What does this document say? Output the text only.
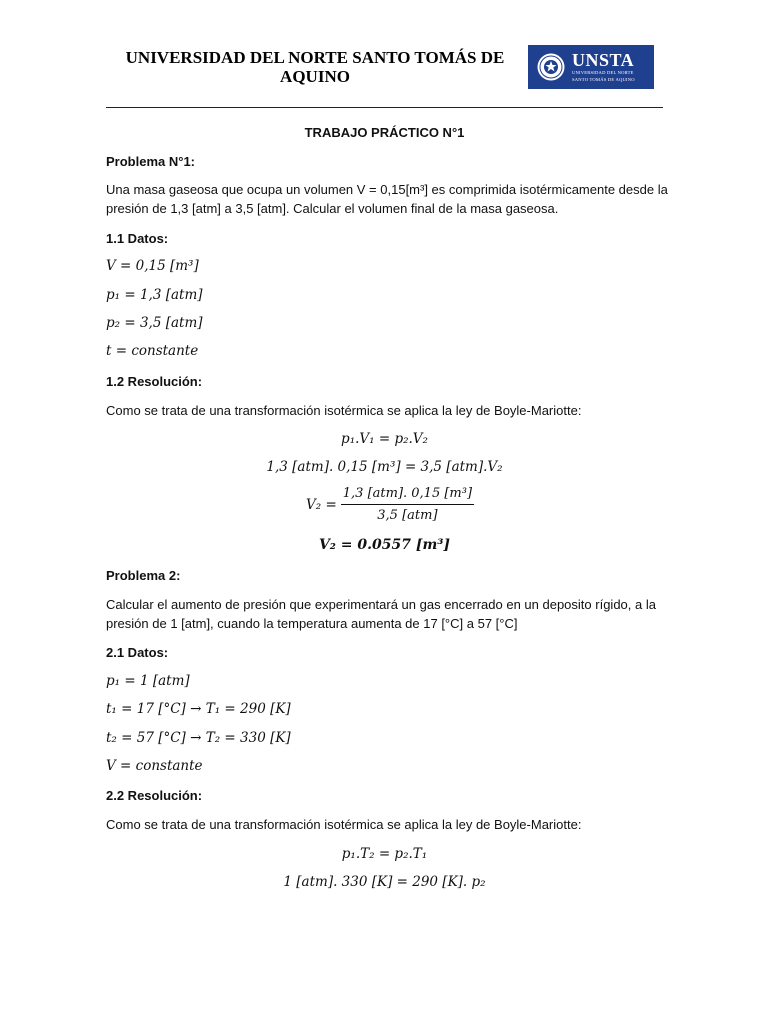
UNIVERSIDAD DEL NORTE SANTO TOMÁS DE AQUINO
UNSTA
UNIVERSIDAD DEL NORTE
SANTO TOMÁS DE AQUINO
TRABAJO PRÁCTICO N°1
Problema N°1:
Una masa gaseosa que ocupa un volumen V = 0,15[m³] es comprimida isotérmicamente desde la
presión de 1,3 [atm] a 3,5 [atm]. Calcular el volumen final de la masa gaseosa.
1.1 Datos:
V = 0,15 [m³]
p₁ = 1,3 [atm]
p₂ = 3,5 [atm]
t = constante
1.2 Resolución:
Como se trata de una transformación isotérmica se aplica la ley de Boyle-Mariotte:
p₁.V₁ = p₂.V₂
1,3 [atm]. 0,15 [m³] = 3,5 [atm].V₂
$V_2 = \frac{\text{1,3 [atm]. 0,15 [m³]}}{\text{3,5 [atm]}}$
V₂ = 0.0557 [m³]
Problema 2:
Calcular el aumento de presión que experimentará un gas encerrado en un deposito rígido, a la
presión de 1 [atm], cuando la temperatura aumenta de 17 [°C] a 57 [°C]
2.1 Datos:
p₁ = 1 [atm]
t₁ = 17 [°C] → T₁ = 290 [K]
t₂ = 57 [°C] → T₂ = 330 [K]
V = constante
2.2 Resolución:
Como se trata de una transformación isotérmica se aplica la ley de Boyle-Mariotte:
p₁.T₂ = p₂.T₁
1 [atm]. 330 [K] = 290 [K]. p₂
